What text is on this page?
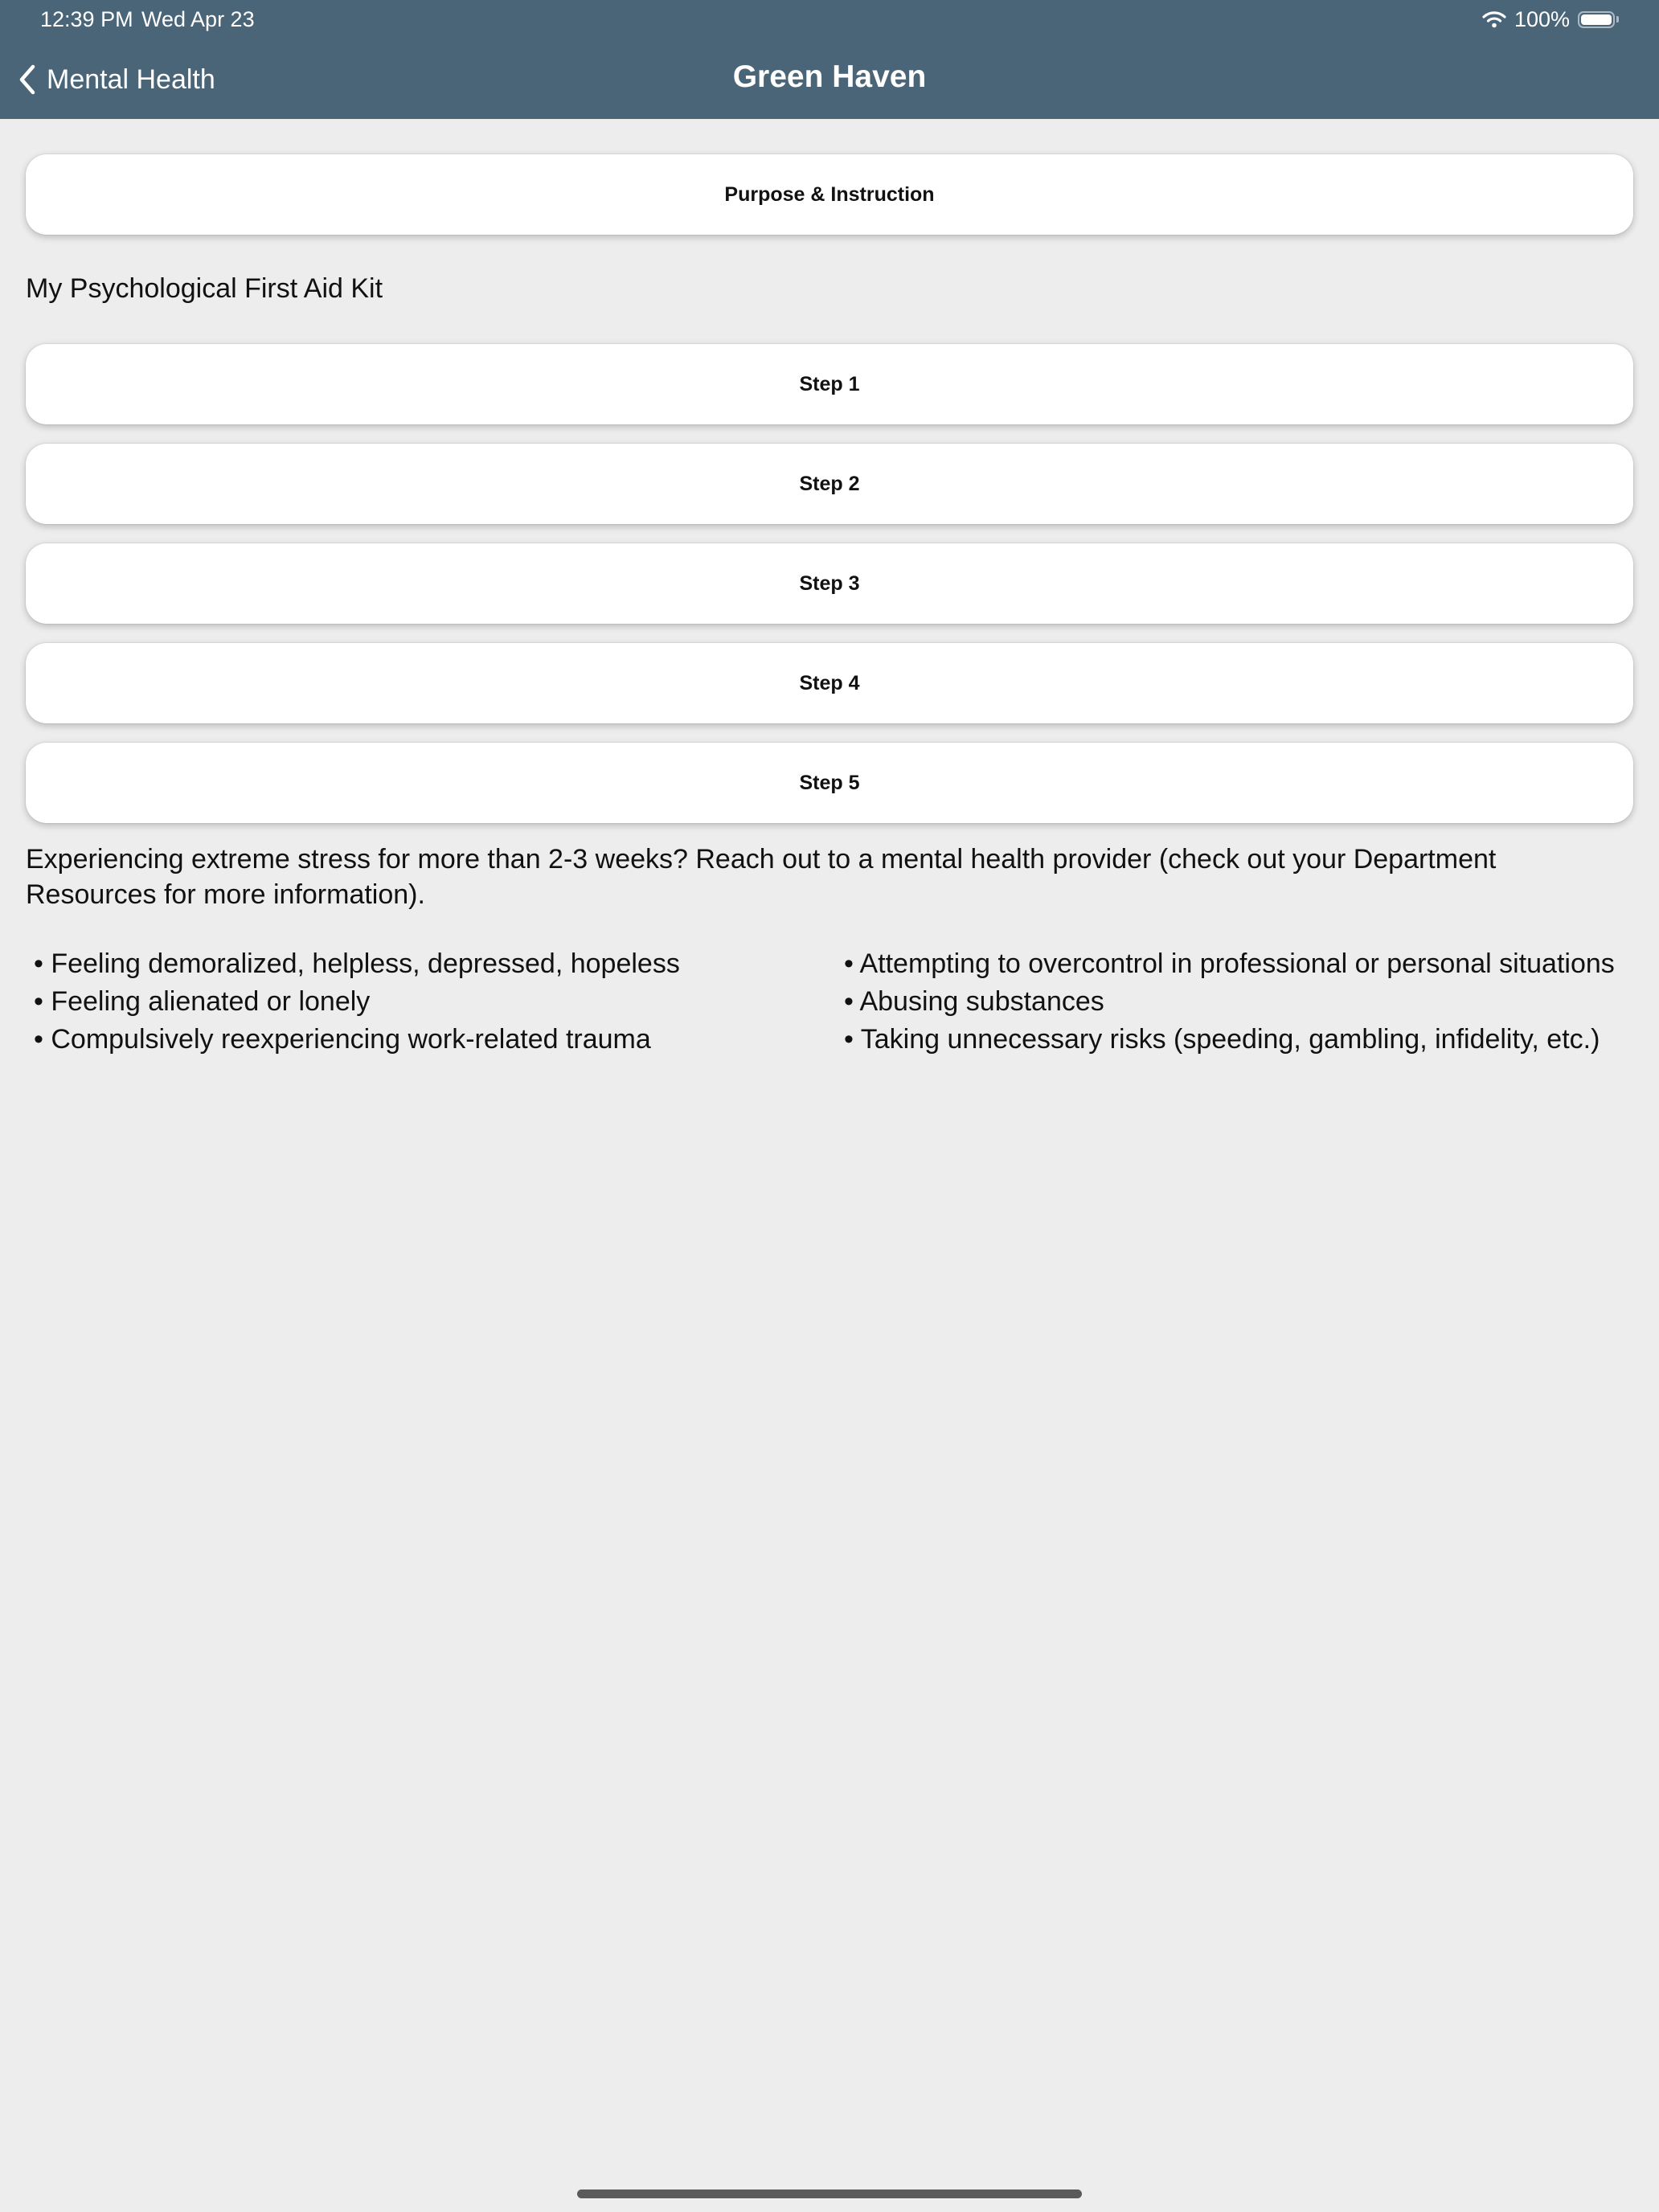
12:39 PM Wed Apr 23	100%
Mental Health	Green Haven
Purpose & Instruction
My Psychological First Aid Kit
Step 1
Step 2
Step 3
Step 4
Step 5
Experiencing extreme stress for more than 2-3 weeks? Reach out to a mental health provider (check out your Department Resources for more information).
• Feeling demoralized, helpless, depressed, hopeless
• Feeling alienated or lonely
• Compulsively reexperiencing work-related trauma
• Attempting to overcontrol in professional or personal situations
• Abusing substances
• Taking unnecessary risks (speeding, gambling, infidelity, etc.)
